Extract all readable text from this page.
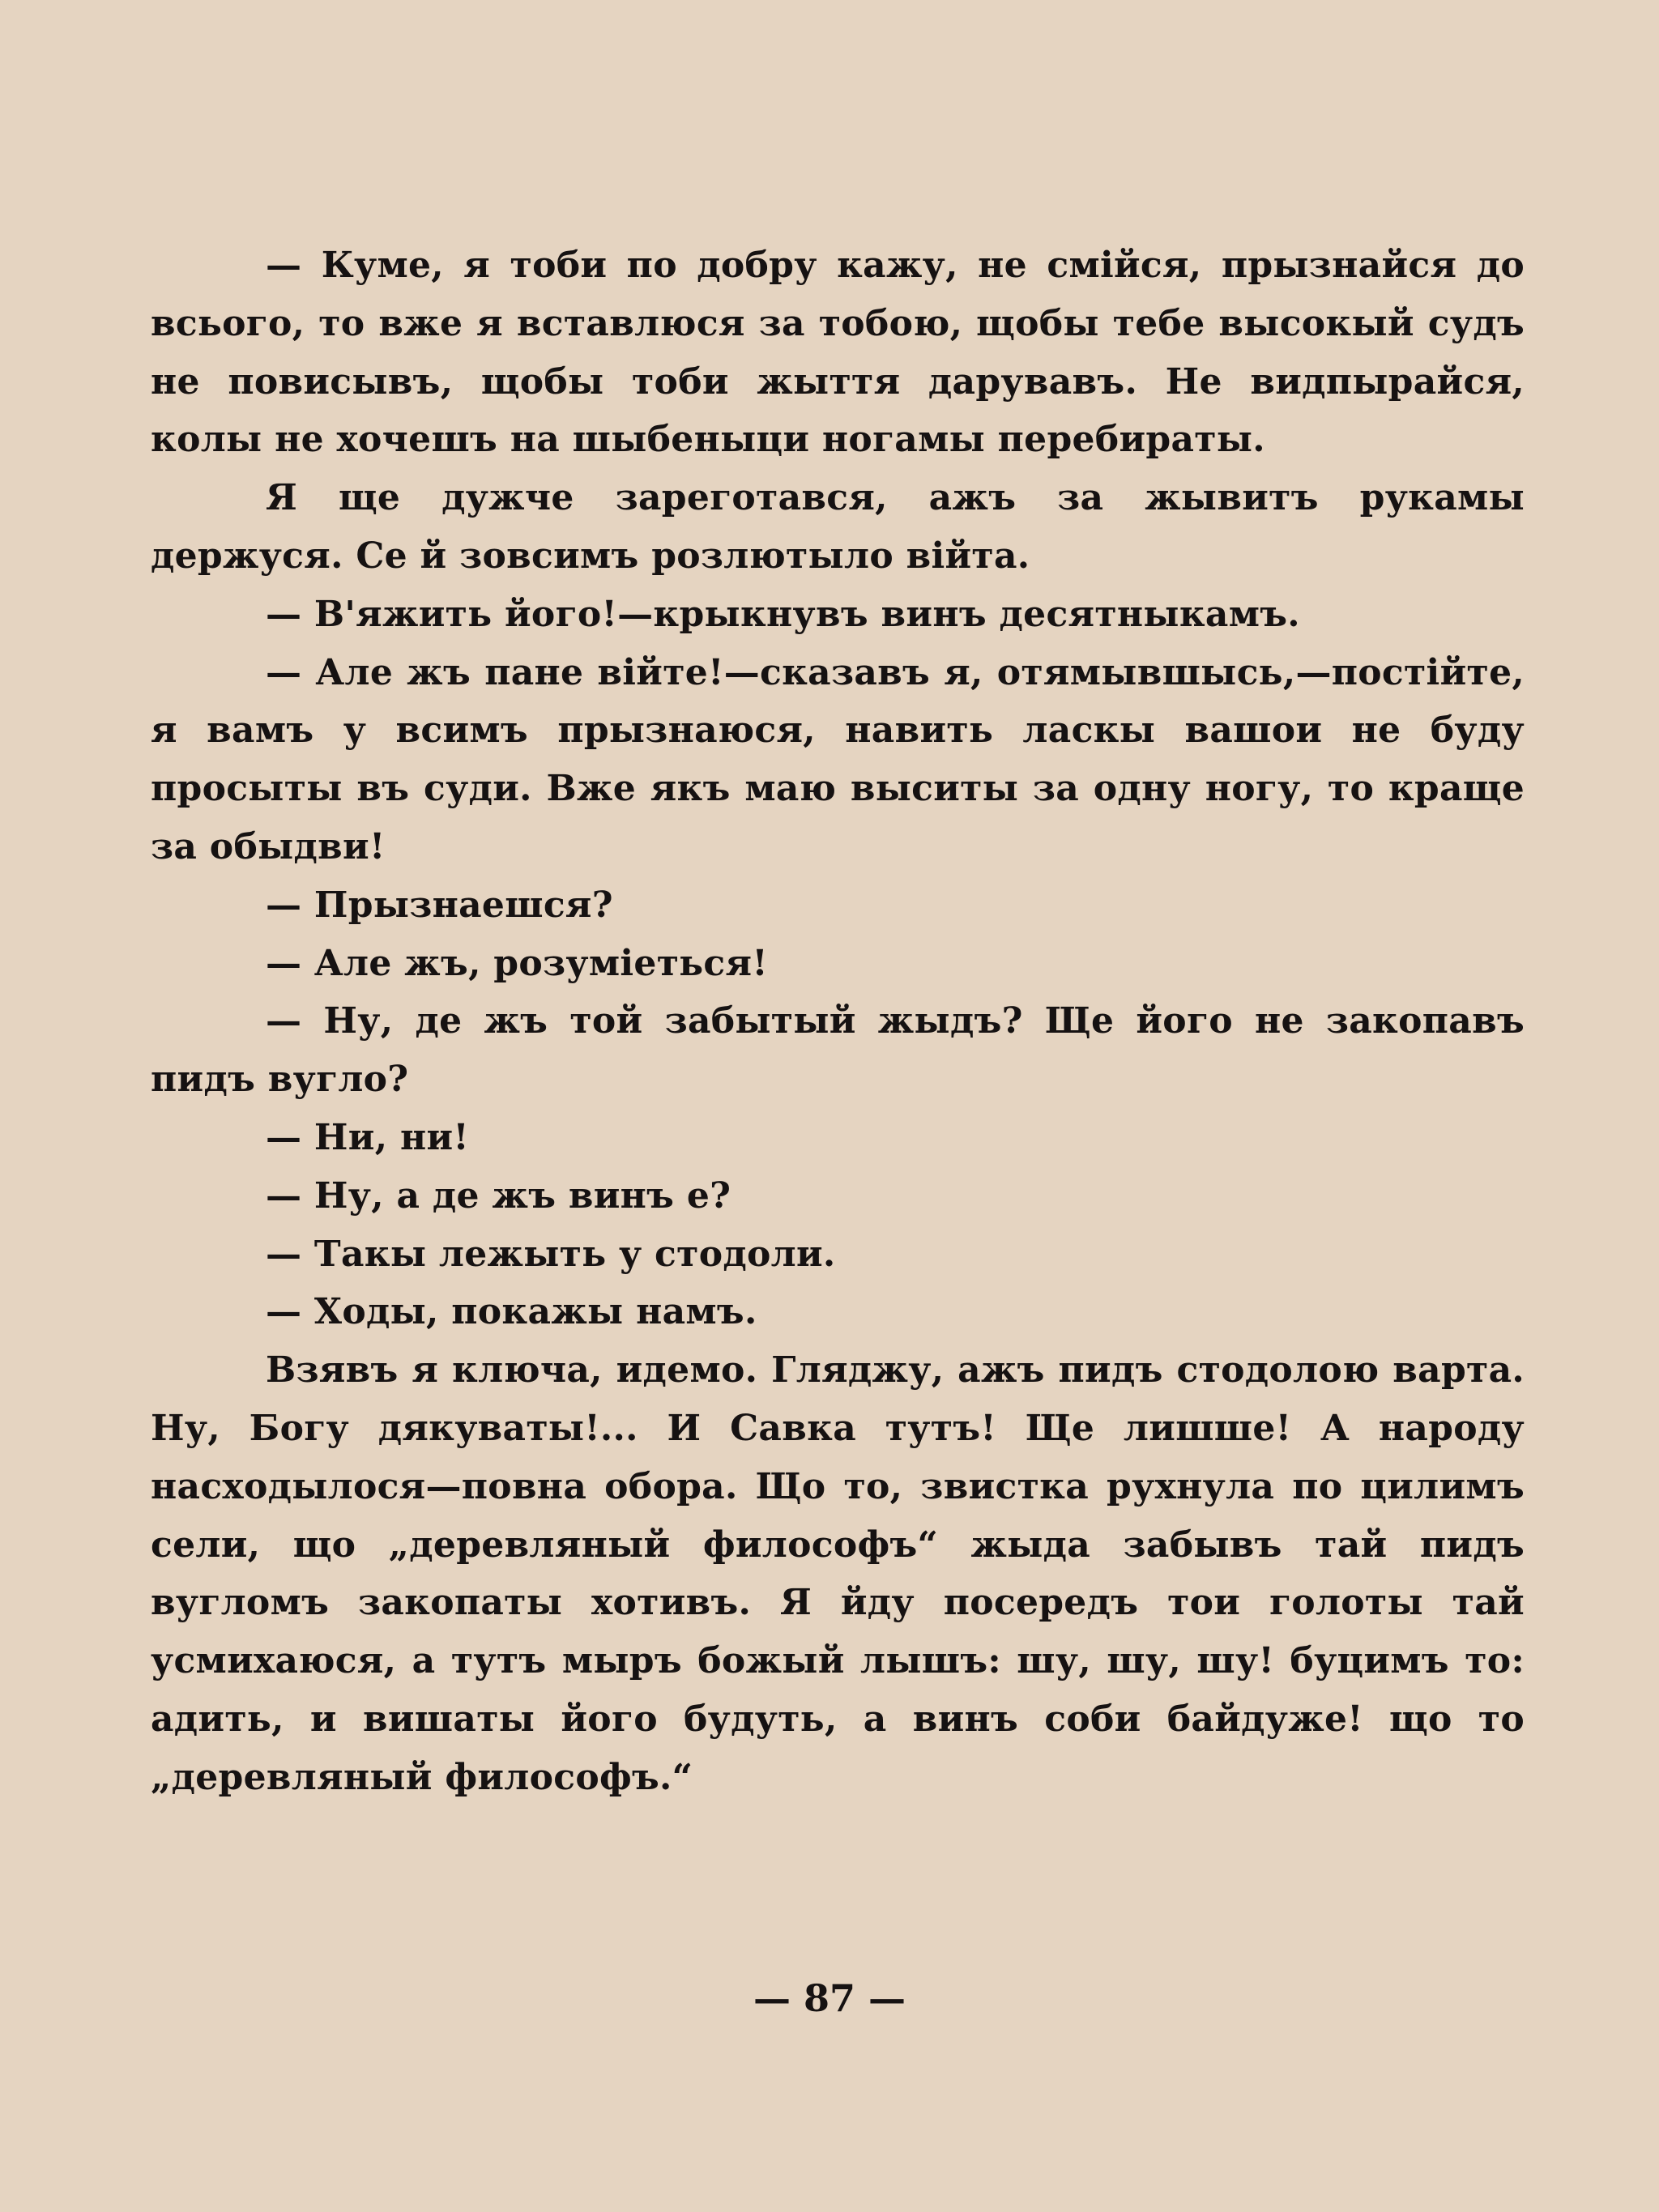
— Куме, я тоби по добру кажу, не смiйся, прызнайся до всього, то вже я вставлюся за тобою, щобы тебе высокый судъ не повисывъ, щобы тоби жыття дарувавъ. Не видпырайся, колы не хочешъ на шыбеныци ногамы перебираты.

Я ще дужче зареготався, ажъ за жывитъ рукамы держуся. Се й зовсимъ розлютыло вiйта.

— В'яжить його!—крыкнувъ винъ десятныкамъ.

— Але жъ пане вiйте!—сказавъ я, отямывшысь,—постiйте, я вамъ у всимъ прызнаюся, навить ласкы вашои не буду просыты въ суди. Вже якъ маю выситы за одну ногу, то краще за обыдви!

— Прызнаешся?

— Але жъ, розумiеться!

— Ну, де жъ той забытый жыдъ? Ще його не закопавъ пидъ вугло?

— Ни, ни!

— Ну, а де жъ винъ е?

— Такы лежыть у стодоли.

— Ходы, покажы намъ.

Взявъ я ключа, идемо. Гляджу, ажъ пидъ стодолою варта. Ну, Богу дякуваты!... И Савка тутъ! Ще лишше! А народу насходылося—повна обора. Що то, звистка рухнула по цилимъ сели, що „деревляный философъ“ жыда забывъ тай пидъ вугломъ закопаты хотивъ. Я йду посередъ тои голоты тай усмихаюся, а тутъ мыръ божый лышъ: шу, шу, шу! буцимъ то: адить, и вишаты його будуть, а винъ соби байдуже! що то „деревляный философъ.“

— 87 —
